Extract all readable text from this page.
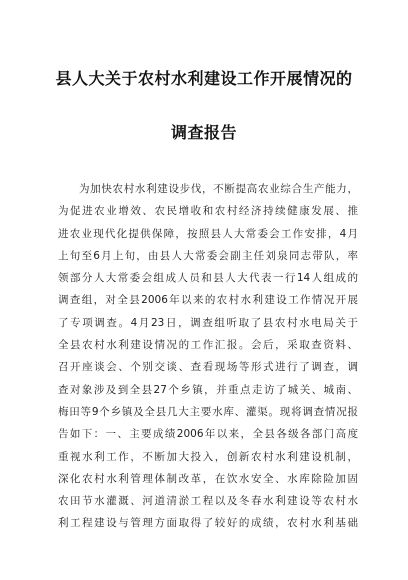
县人大关于农村水利建设工作开展情况的
调查报告
为加快农村水利建设步伐，不断提高农业综合生产能力，
为促进农业增效、农民增收和农村经济持续健康发展、推
进农业现代化提供保障，按照县人大常委会工作安排，4月
上旬至6月上旬，由县人大常委会副主任刘泉同志带队，率
领部分人大常委会组成人员和县人大代表一行14人组成的
调查组，对全县2006年以来的农村水利建设工作情况开展
了专项调查。4月23日，调查组听取了县农村水电局关于
全县农村水利建设情况的工作汇报。会后，采取查资料、
召开座谈会、个别交谈、查看现场等形式进行了调查，调
查对象涉及到全县27个乡镇，并重点走访了城关、城南、
梅田等9个乡镇及全县几大主要水库、灌渠。现将调查情况报
告如下：一、主要成绩2006年以来，全县各级各部门高度
重视水利工作，不断加大投入，创新农村水利建设机制，
深化农村水利管理体制改革，在饮水安全、水库除险加固
农田节水灌溉、河道清淤工程以及冬春水利建设等农村水
利工程建设与管理方面取得了较好的成绩，农村水利基础
